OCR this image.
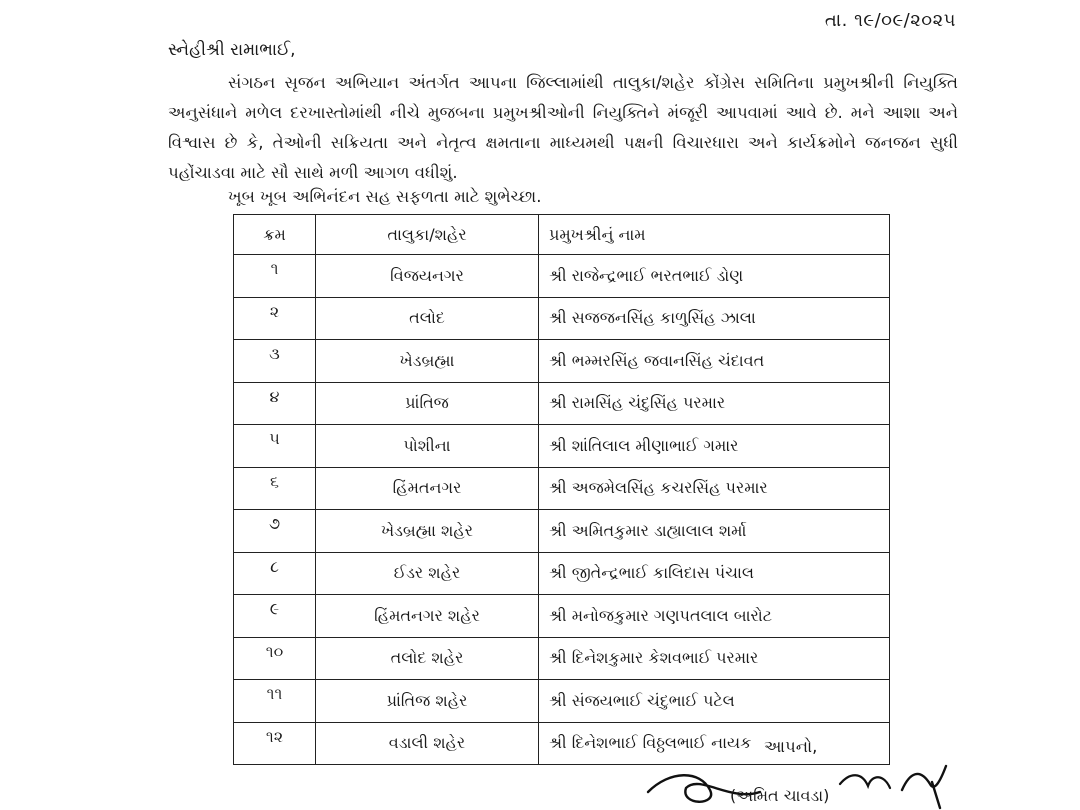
તા. ૧૯/૦૯/૨૦૨૫
સ્નેહીશ્રી રામાભાઈ,

સંગઠન સૃજન અભિયાન અંતર્ગત આપના જિલ્લામાંથી તાલુકા/શહેર કોંગ્રેસ સમિતિના પ્રમુખશ્રીની નિયુક્તિ અનુસંધાને મળેલ દરખાસ્તોમાંથી નીચે મુજબના પ્રમુખશ્રીઓની નિયુક્તિને મંજૂરી આપવામાં આવે છે. મને આશા અને વિશ્વાસ છે કે, તેઓની સક્રિયતા અને નેતૃત્વ ક્ષમતાના માધ્યમથી પક્ષની વિચારધારા અને કાર્યક્રમોને જનજન સુધી પહોંચાડવા માટે સૌ સાથે મળી આગળ વધીશું.

ખૂબ ખૂબ અભિનંદન સહ સફળતા માટે શુભેચ્છા.
ક્રમ	તાલુકા/શહેર	પ્રમુખશ્રીનું નામ
૧	વિજયનગર	શ્રી રાજેન્દ્રભાઈ ભરતભાઈ ડોણ
૨	તલોદ	શ્રી સજજનસિંહ કાળુસિંહ ઝાલા
૩	ખેડબ્રહ્મા	શ્રી ભમ્મરસિંહ જવાનસિંહ ચંદાવત
૪	પ્રાંતિજ	શ્રી રામસિંહ ચંદુસિંહ પરમાર
૫	પોશીના	શ્રી શાંતિલાલ મીણાભાઈ ગમાર
૬	હિંમતનગર	શ્રી અજમેલસિંહ કચરસિંહ પરમાર
૭	ખેડબ્રહ્મા શહેર	શ્રી અમિતકુમાર ડાહ્યાલાલ શર્મા
૮	ઈડર શહેર	શ્રી જીતેન્દ્રભાઈ કાલિદાસ પંચાલ
૯	હિંમતનગર શહેર	શ્રી મનોજકુમાર ગણપતલાલ બારોટ
૧૦	તલોદ શહેર	શ્રી દિનેશકુમાર કેશવભાઈ પરમાર
૧૧	પ્રાંતિજ શહેર	શ્રી સંજયભાઈ ચંદુભાઈ પટેલ
૧૨	વડાલી શહેર	શ્રી દિનેશભાઈ વિઠ્ઠલભાઈ નાયક આપનો,
(અમિત ચાવડા)
